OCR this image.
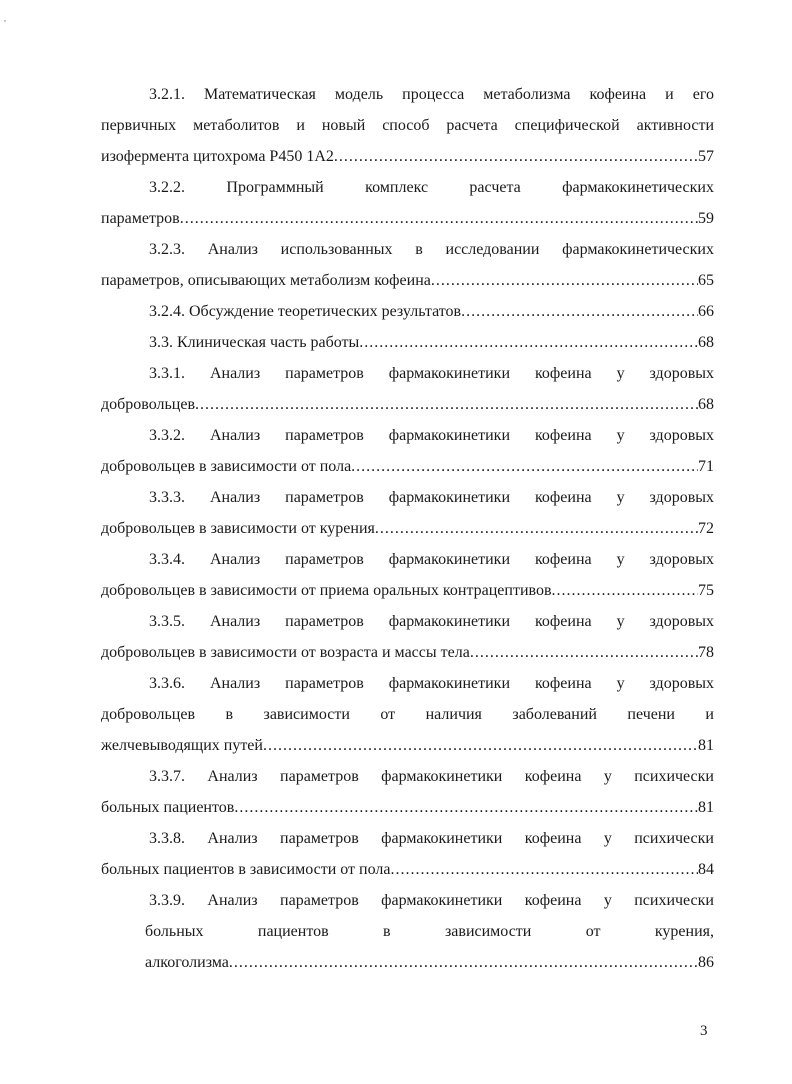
,
3.2.1. Математическая модель процесса метаболизма кофеина и его
первичных метаболитов и новый способ расчета специфической активности
изофермента цитохрома Р450 1А2 .....	57
3.2.2. Программный комплекс расчета фармакокинетических
параметров .....	59
3.2.3. Анализ использованных в исследовании фармакокинетических
параметров, описывающих метаболизм кофеина .....	65
3.2.4. Обсуждение теоретических результатов .....	66
3.3. Клиническая часть работы .....	68
3.3.1. Анализ параметров фармакокинетики кофеина у здоровых
добровольцев .....	68
3.3.2. Анализ параметров фармакокинетики кофеина у здоровых
добровольцев в зависимости от пола .....	71
3.3.3. Анализ параметров фармакокинетики кофеина у здоровых
добровольцев в зависимости от курения .....	72
3.3.4. Анализ параметров фармакокинетики кофеина у здоровых
добровольцев в зависимости от приема оральных контрацептивов .....	75
3.3.5. Анализ параметров фармакокинетики кофеина у здоровых
добровольцев в зависимости от возраста и массы тела .....	78
3.3.6. Анализ параметров фармакокинетики кофеина у здоровых
добровольцев в зависимости от наличия заболеваний печени и
желчевыводящих путей .....	81
3.3.7. Анализ параметров фармакокинетики кофеина у психически
больных пациентов .....	81
3.3.8. Анализ параметров фармакокинетики кофеина у психически
больных пациентов в зависимости от пола .....	84
3.3.9. Анализ параметров фармакокинетики кофеина у психически
больных пациентов в зависимости от курения,
алкоголизма .....	86
3
